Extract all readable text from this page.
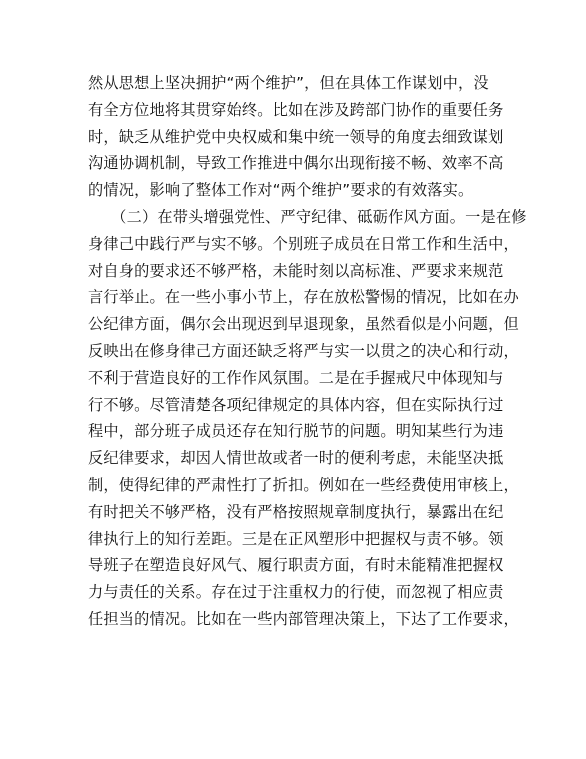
然从思想上坚决拥护“两个维护”，但在具体工作谋划中，没
有全方位地将其贯穿始终。比如在涉及跨部门协作的重要任务
时，缺乏从维护党中央权威和集中统一领导的角度去细致谋划
沟通协调机制，导致工作推进中偶尔出现衔接不畅、效率不高
的情况，影响了整体工作对“两个维护”要求的有效落实。
　　（二）在带头增强党性、严守纪律、砥砺作风方面。一是在修
身律己中践行严与实不够。个别班子成员在日常工作和生活中，
对自身的要求还不够严格，未能时刻以高标准、严要求来规范
言行举止。在一些小事小节上，存在放松警惕的情况，比如在办
公纪律方面，偶尔会出现迟到早退现象，虽然看似是小问题，但
反映出在修身律己方面还缺乏将严与实一以贯之的决心和行动，
不利于营造良好的工作作风氛围。二是在手握戒尺中体现知与
行不够。尽管清楚各项纪律规定的具体内容，但在实际执行过
程中，部分班子成员还存在知行脱节的问题。明知某些行为违
反纪律要求，却因人情世故或者一时的便利考虑，未能坚决抵
制，使得纪律的严肃性打了折扣。例如在一些经费使用审核上，
有时把关不够严格，没有严格按照规章制度执行，暴露出在纪
律执行上的知行差距。三是在正风塑形中把握权与责不够。领
导班子在塑造良好风气、履行职责方面，有时未能精准把握权
力与责任的关系。存在过于注重权力的行使，而忽视了相应责
任担当的情况。比如在一些内部管理决策上，下达了工作要求，
